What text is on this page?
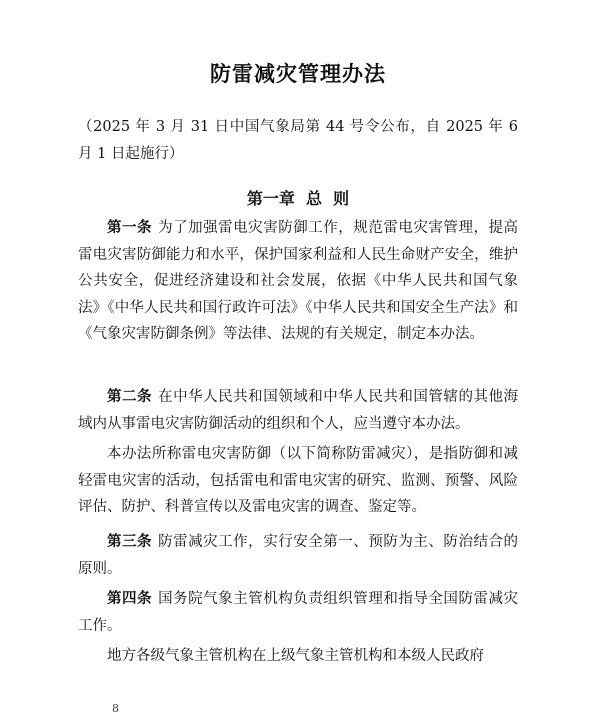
防雷减灾管理办法

（2025 年 3 月 31 日中国气象局第 44 号令公布，自 2025 年 6 月 1 日起施行）

第一章  总  则

第一条 为了加强雷电灾害防御工作，规范雷电灾害管理，提高雷电灾害防御能力和水平，保护国家利益和人民生命财产安全，维护公共安全，促进经济建设和社会发展，依据《中华人民共和国气象法》《中华人民共和国行政许可法》《中华人民共和国安全生产法》和《气象灾害防御条例》等法律、法规的有关规定，制定本办法。

第二条 在中华人民共和国领域和中华人民共和国管辖的其他海域内从事雷电灾害防御活动的组织和个人，应当遵守本办法。

本办法所称雷电灾害防御（以下简称防雷减灾），是指防御和减轻雷电灾害的活动，包括雷电和雷电灾害的研究、监测、预警、风险评估、防护、科普宣传以及雷电灾害的调查、鉴定等。

第三条 防雷减灾工作，实行安全第一、预防为主、防治结合的原则。

第四条 国务院气象主管机构负责组织管理和指导全国防雷减灾工作。

地方各级气象主管机构在上级气象主管机构和本级人民政府

8
